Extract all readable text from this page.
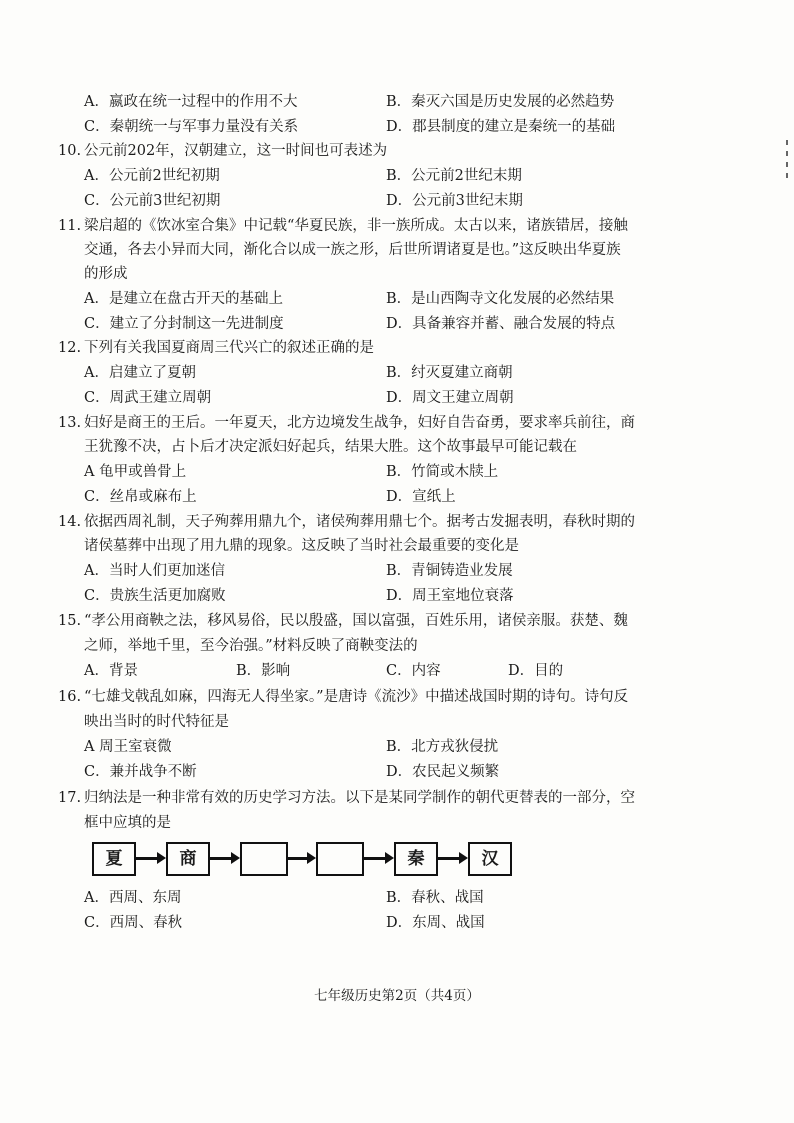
A．嬴政在统一过程中的作用不大	B．秦灭六国是历史发展的必然趋势
C．秦朝统一与军事力量没有关系	D．郡县制度的建立是秦统一的基础
10. 公元前202年，汉朝建立，这一时间也可表述为
A．公元前2世纪初期	B．公元前2世纪末期
C．公元前3世纪初期	D．公元前3世纪末期
11. 梁启超的《饮冰室合集》中记载“华夏民族，非一族所成。太古以来，诸族错居，接触
交通，各去小异而大同，渐化合以成一族之形，后世所谓诸夏是也。”这反映出华夏族
的形成
A．是建立在盘古开天的基础上	B．是山西陶寺文化发展的必然结果
C．建立了分封制这一先进制度	D．具备兼容并蓄、融合发展的特点
12. 下列有关我国夏商周三代兴亡的叙述正确的是
A．启建立了夏朝	B．纣灭夏建立商朝
C．周武王建立周朝	D．周文王建立周朝
13. 妇好是商王的王后。一年夏天，北方边境发生战争，妇好自告奋勇，要求率兵前往，商
王犹豫不决，占卜后才决定派妇好起兵，结果大胜。这个故事最早可能记载在
A 龟甲或兽骨上	B．竹简或木牍上
C．丝帛或麻布上	D．宣纸上
14. 依据西周礼制，天子殉葬用鼎九个，诸侯殉葬用鼎七个。据考古发掘表明，春秋时期的
诸侯墓葬中出现了用九鼎的现象。这反映了当时社会最重要的变化是
A．当时人们更加迷信	B．青铜铸造业发展
C．贵族生活更加腐败	D．周王室地位衰落
15. “孝公用商鞅之法，移风易俗，民以殷盛，国以富强，百姓乐用，诸侯亲服。获楚、魏
之师，举地千里，至今治强。”材料反映了商鞅变法的
A．背景	B．影响	C．内容	D．目的
16. “七雄戈戟乱如麻，四海无人得坐家。”是唐诗《流沙》中描述战国时期的诗句。诗句反
映出当时的时代特征是
A 周王室衰微	B．北方戎狄侵扰
C．兼并战争不断	D．农民起义频繁
17. 归纳法是一种非常有效的历史学习方法。以下是某同学制作的朝代更替表的一部分，空
框中应填的是
夏	商	秦	汉
A．西周、东周	B．春秋、战国
C．西周、春秋	D．东周、战国
七年级历史第2页（共4页）
